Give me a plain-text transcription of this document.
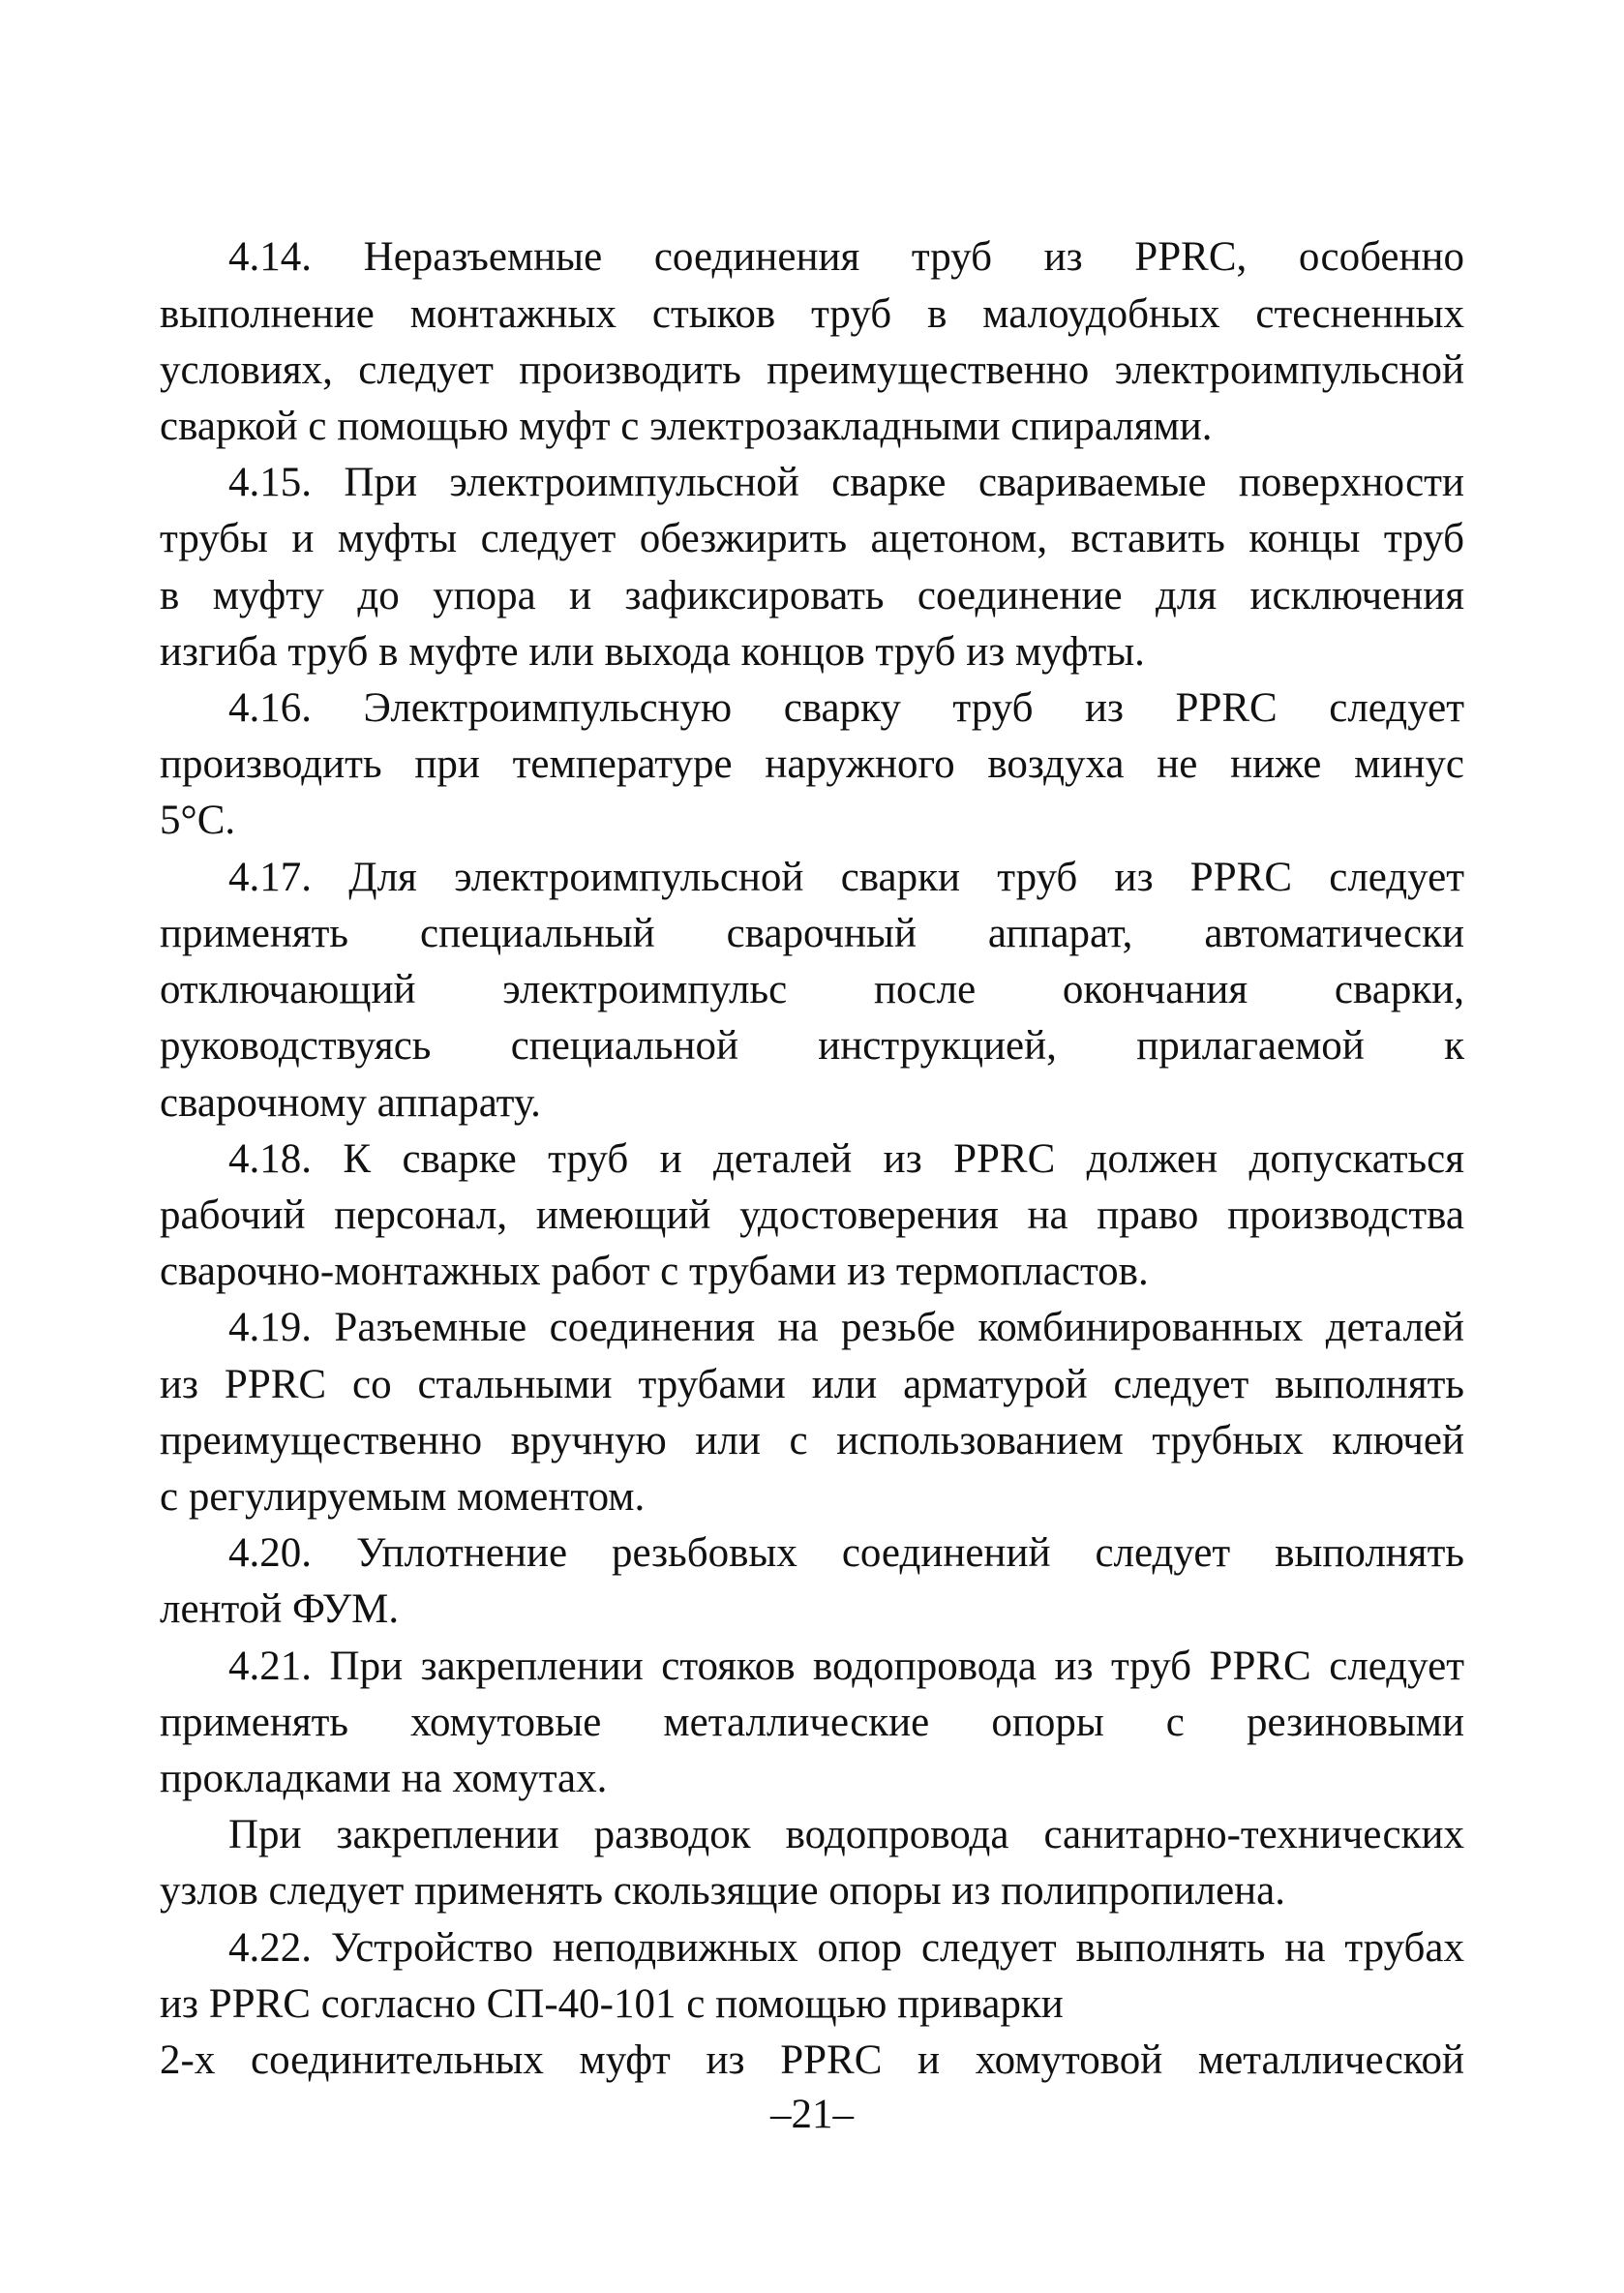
4.14. Неразъемные соединения труб из PPRC, особенно
выполнение монтажных стыков труб в малоудобных стесненных
условиях, следует производить преимущественно электроимпульсной
сваркой с помощью муфт с электрозакладными спиралями.
4.15. При электроимпульсной сварке свариваемые поверхности
трубы и муфты следует обезжирить ацетоном, вставить концы труб
в муфту до упора и зафиксировать соединение для исключения
изгиба труб в муфте или выхода концов труб из муфты.
4.16. Электроимпульсную сварку труб из PPRC следует
производить при температуре наружного воздуха не ниже минус
5°С.
4.17. Для электроимпульсной сварки труб из PPRC следует
применять специальный сварочный аппарат, автоматически
отключающий электроимпульс после окончания сварки,
руководствуясь специальной инструкцией, прилагаемой к
сварочному аппарату.
4.18. К сварке труб и деталей из PPRC должен допускаться
рабочий персонал, имеющий удостоверения на право производства
сварочно-монтажных работ с трубами из термопластов.
4.19. Разъемные соединения на резьбе комбинированных деталей
из PPRC со стальными трубами или арматурой следует выполнять
преимущественно вручную или с использованием трубных ключей
с регулируемым моментом.
4.20. Уплотнение резьбовых соединений следует выполнять
лентой ФУМ.
4.21. При закреплении стояков водопровода из труб PPRC следует
применять хомутовые металлические опоры с резиновыми
прокладками на хомутах.
При закреплении разводок водопровода санитарно-технических
узлов следует применять скользящие опоры из полипропилена.
4.22. Устройство неподвижных опор следует выполнять на трубах
из PPRC согласно СП-40-101 с помощью приварки
2-х соединительных муфт из PPRC и хомутовой металлической
–21–
